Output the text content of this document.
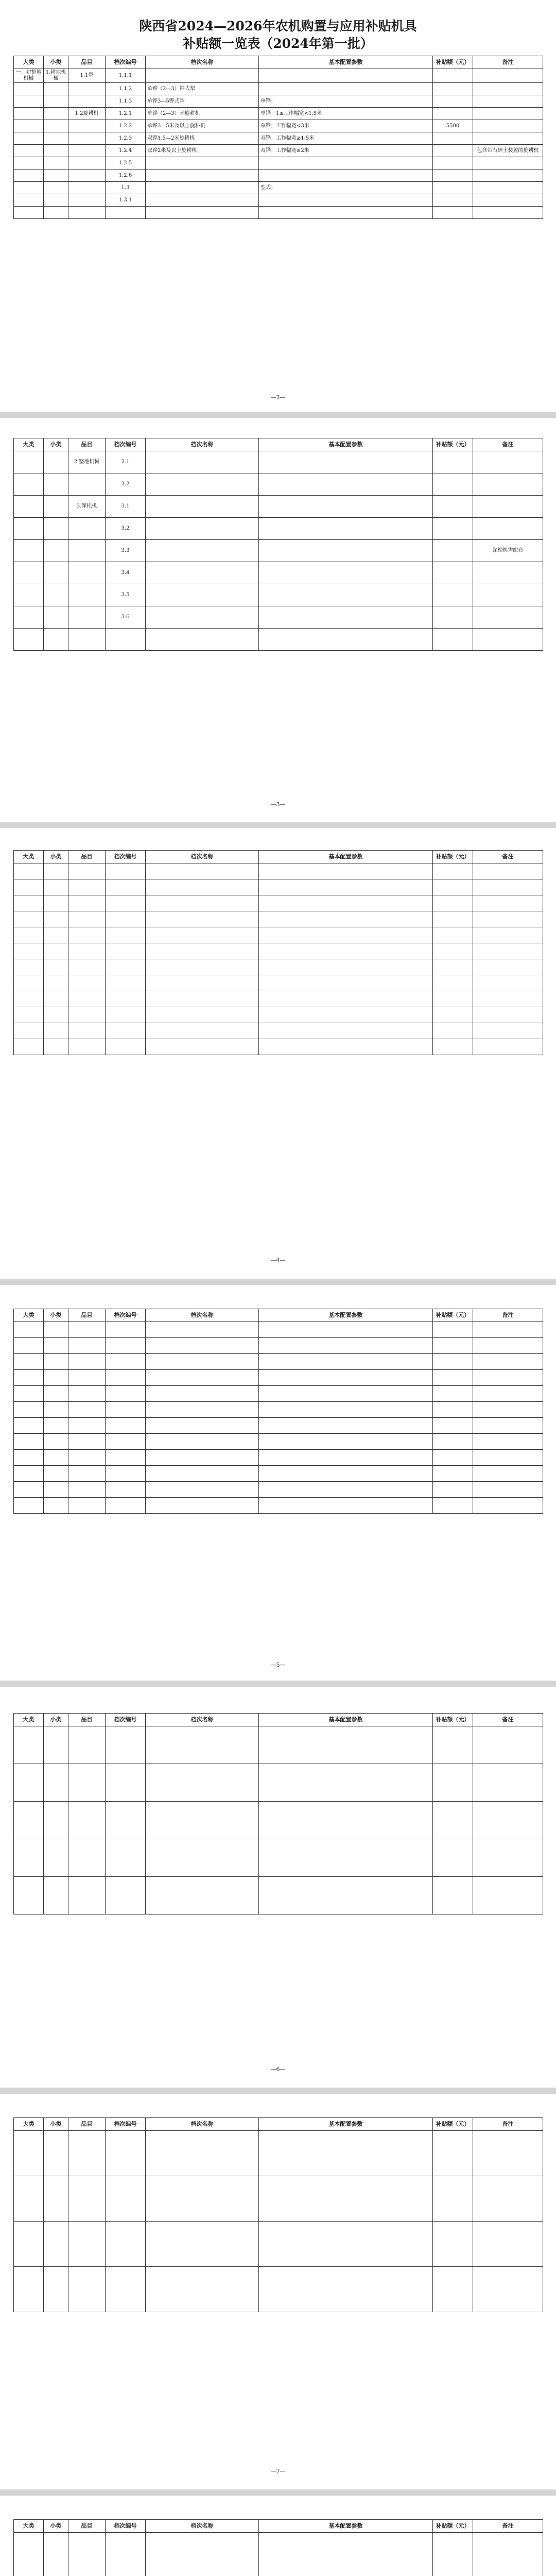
陕西省2024—2026年农机购置与应用补贴机具

补贴额一览表（2024年第一批）

大类	小类	品目	档次编号	档次名称	基本配置参数	补贴额（元）	备注
一、耕整地机械	1.耕地机械	1.1犁	1.1.1				
			1.1.2	单铧（2—3）铧式犁			
			1.1.3	单铧3—5铧式犁	单铧；		
		1.2旋耕机	1.2.1	单铧（2—3）米旋耕机	单铧；1≤工作幅宽<1.5米		
			1.2.2	单铧3—5米及以上旋耕机	单铧；工作幅宽<3米	5500	
			1.2.3	双铧1.5—2米旋耕机	双铧；工作幅宽≥1.5米		
			1.2.4	双铧2米及以上旋耕机	双铧；工作幅宽≥2米		包含带有碎土装置的旋耕机
			1.2.5				
			1.2.6				
			1.3		型式；		
			1.3.1				

—2—
大类	小类	品目	档次编号	档次名称	基本配置参数	补贴额（元）	备注
		2.整地机械	2.1				
			2.2				
		3.深松机	3.1				
			3.2				
			3.3				深松机需配套
			3.4				
			3.5				
			3.6				

—3—
大类	小类	品目	档次编号	档次名称	基本配置参数	补贴额（元）	备注

—4—
大类	小类	品目	档次编号	档次名称	基本配置参数	补贴额（元）	备注

—5—
大类	小类	品目	档次编号	档次名称	基本配置参数	补贴额（元）	备注

—6—
大类	小类	品目	档次编号	档次名称	基本配置参数	补贴额（元）	备注

—7—
大类	小类	品目	档次编号	档次名称	基本配置参数	补贴额（元）	备注
